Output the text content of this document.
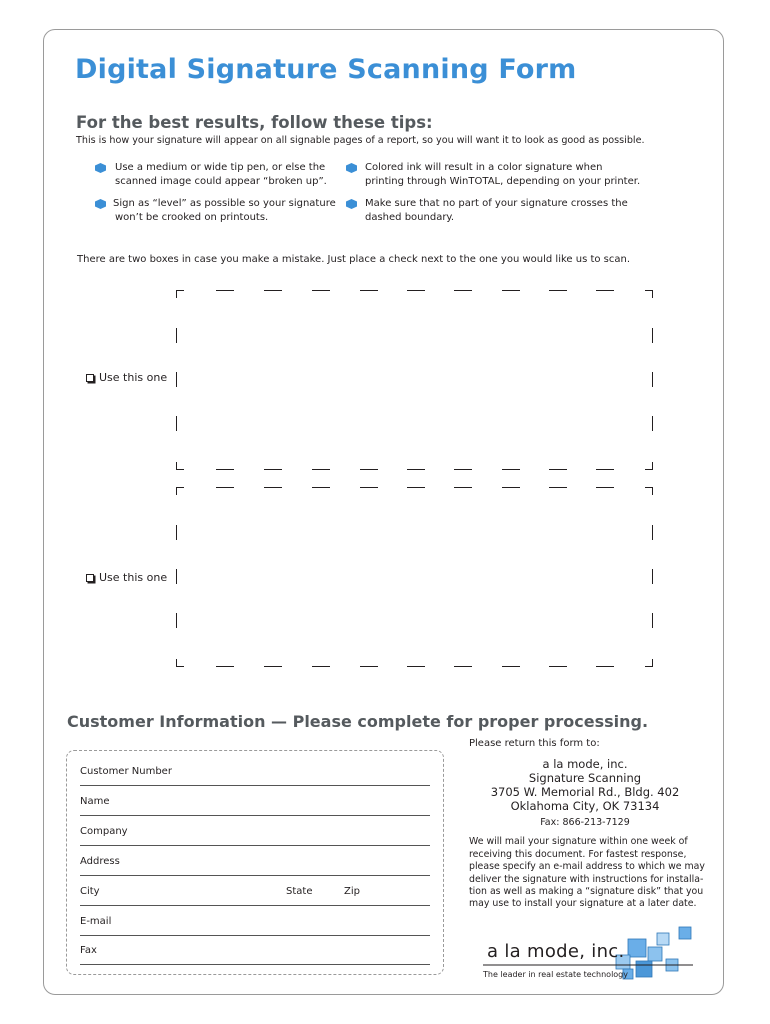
Digital Signature Scanning Form
For the best results, follow these tips:
This is how your signature will appear on all signable pages of a report, so you will want it to look as good as possible.
Use a medium or wide tip pen, or else the
scanned image could appear “broken up”.
Colored ink will result in a color signature when
printing through WinTOTAL, depending on your printer.
Sign as “level” as possible so your signature
won’t be crooked on printouts.
Make sure that no part of your signature crosses the
dashed boundary.
There are two boxes in case you make a mistake. Just place a check next to the one you would like us to scan.
Use this one
Use this one
Customer Information — Please complete for proper processing.
Customer Number
Name
Company
Address
City	State	Zip
E-mail
Fax
Please return this form to:
a la mode, inc.
Signature Scanning
3705 W. Memorial Rd., Bldg. 402
Oklahoma City, OK 73134
Fax: 866-213-7129
We will mail your signature within one week of
receiving this document. For fastest response,
please specify an e-mail address to which we may
deliver the signature with instructions for installa-
tion as well as making a “signature disk” that you
may use to install your signature at a later date.
a la mode, inc.
The leader in real estate technology
